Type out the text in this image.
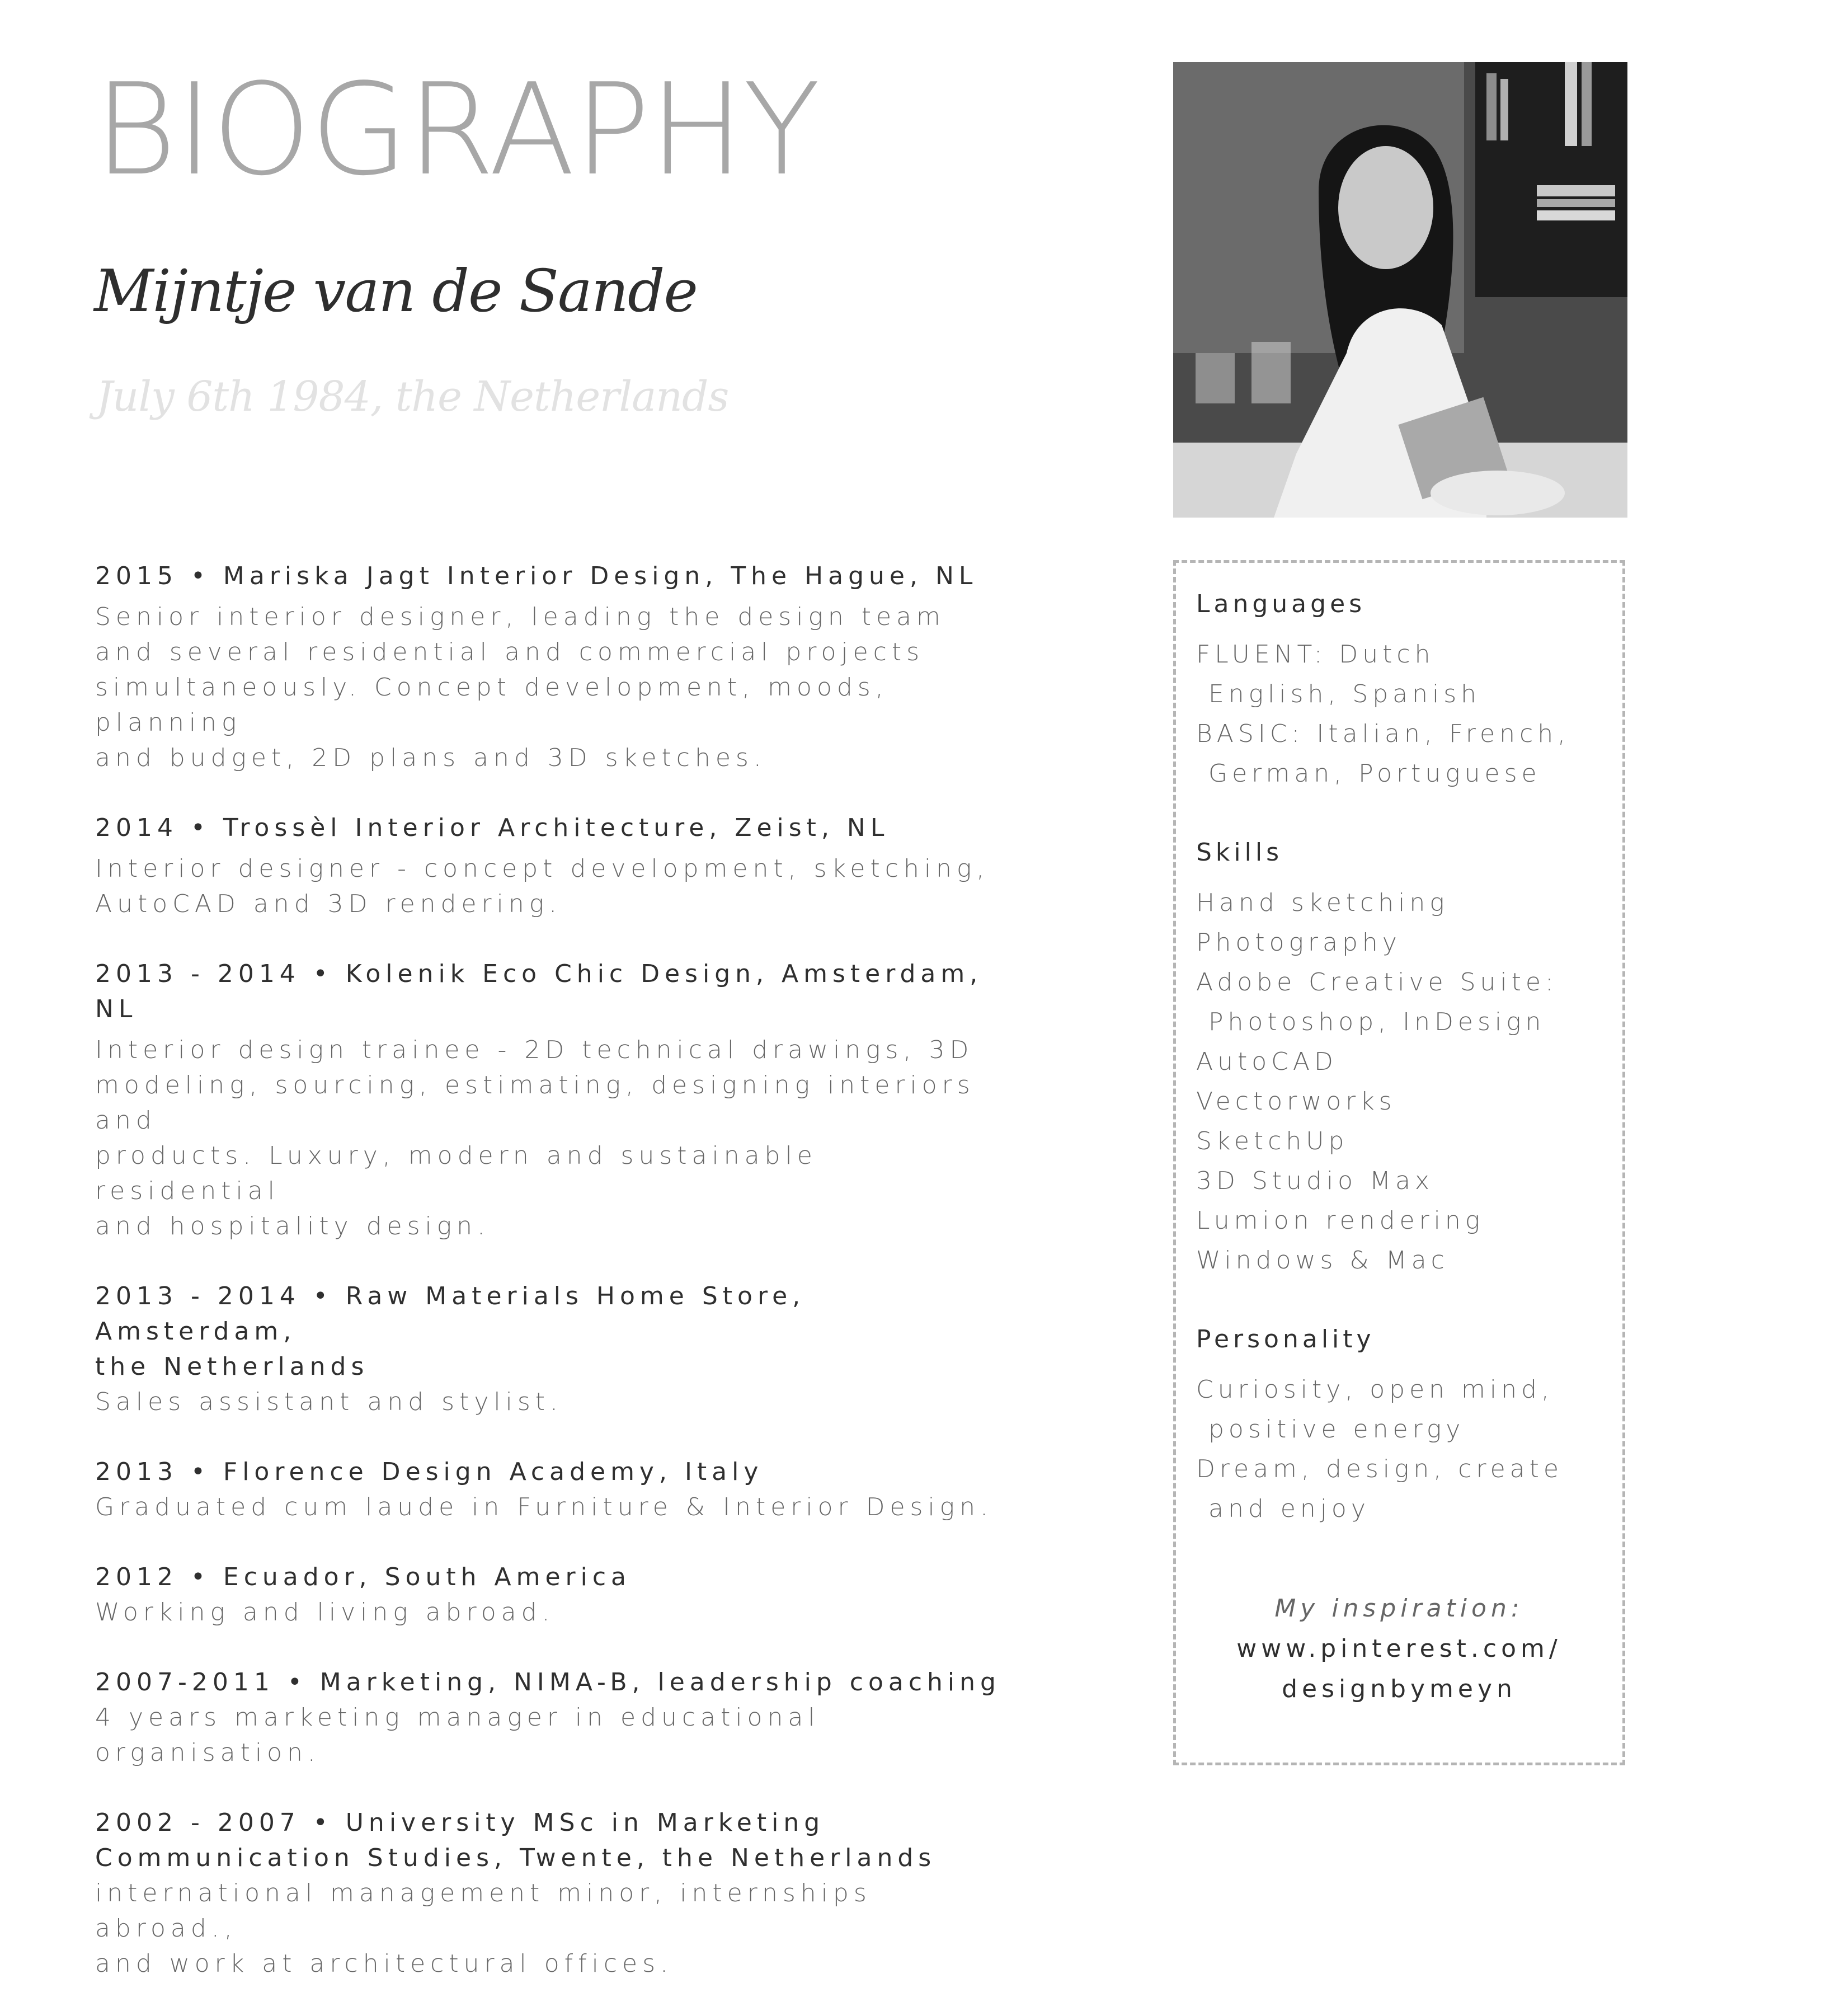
BIOGRAPHY
Mijntje van de Sande
July 6th 1984, the Netherlands
2015 • Mariska Jagt Interior Design, The Hague, NL
Senior interior designer, leading the design team
and several residential and commercial projects
simultaneously. Concept development, moods, planning
and budget, 2D plans and 3D sketches.
2014 • Trossèl Interior Architecture, Zeist, NL
Interior designer - concept development, sketching,
AutoCAD and 3D rendering.
2013 - 2014 • Kolenik Eco Chic Design, Amsterdam, NL
Interior design trainee - 2D technical drawings, 3D
modeling, sourcing, estimating, designing interiors and
products. Luxury, modern and sustainable residential
and hospitality design.
2013 - 2014 • Raw Materials Home Store, Amsterdam,
the Netherlands
Sales assistant and stylist.
2013 • Florence Design Academy, Italy
Graduated cum laude in Furniture & Interior Design.
2012 • Ecuador, South America
Working and living abroad.
2007-2011 • Marketing, NIMA-B, leadership coaching
4 years marketing manager in educational organisation.
2002 - 2007 • University MSc in Marketing
Communication Studies, Twente, the Netherlands
international management minor, internships abroad.,
and work at architectural offices.
Languages
FLUENT: Dutch
English, Spanish
BASIC: Italian, French,
German, Portuguese
Skills
Hand sketching
Photography
Adobe Creative Suite:
Photoshop, InDesign
AutoCAD
Vectorworks
SketchUp
3D Studio Max
Lumion rendering
Windows & Mac
Personality
Curiosity, open mind,
positive energy
Dream, design, create
and enjoy
My inspiration:
www.pinterest.com/
designbymeyn
